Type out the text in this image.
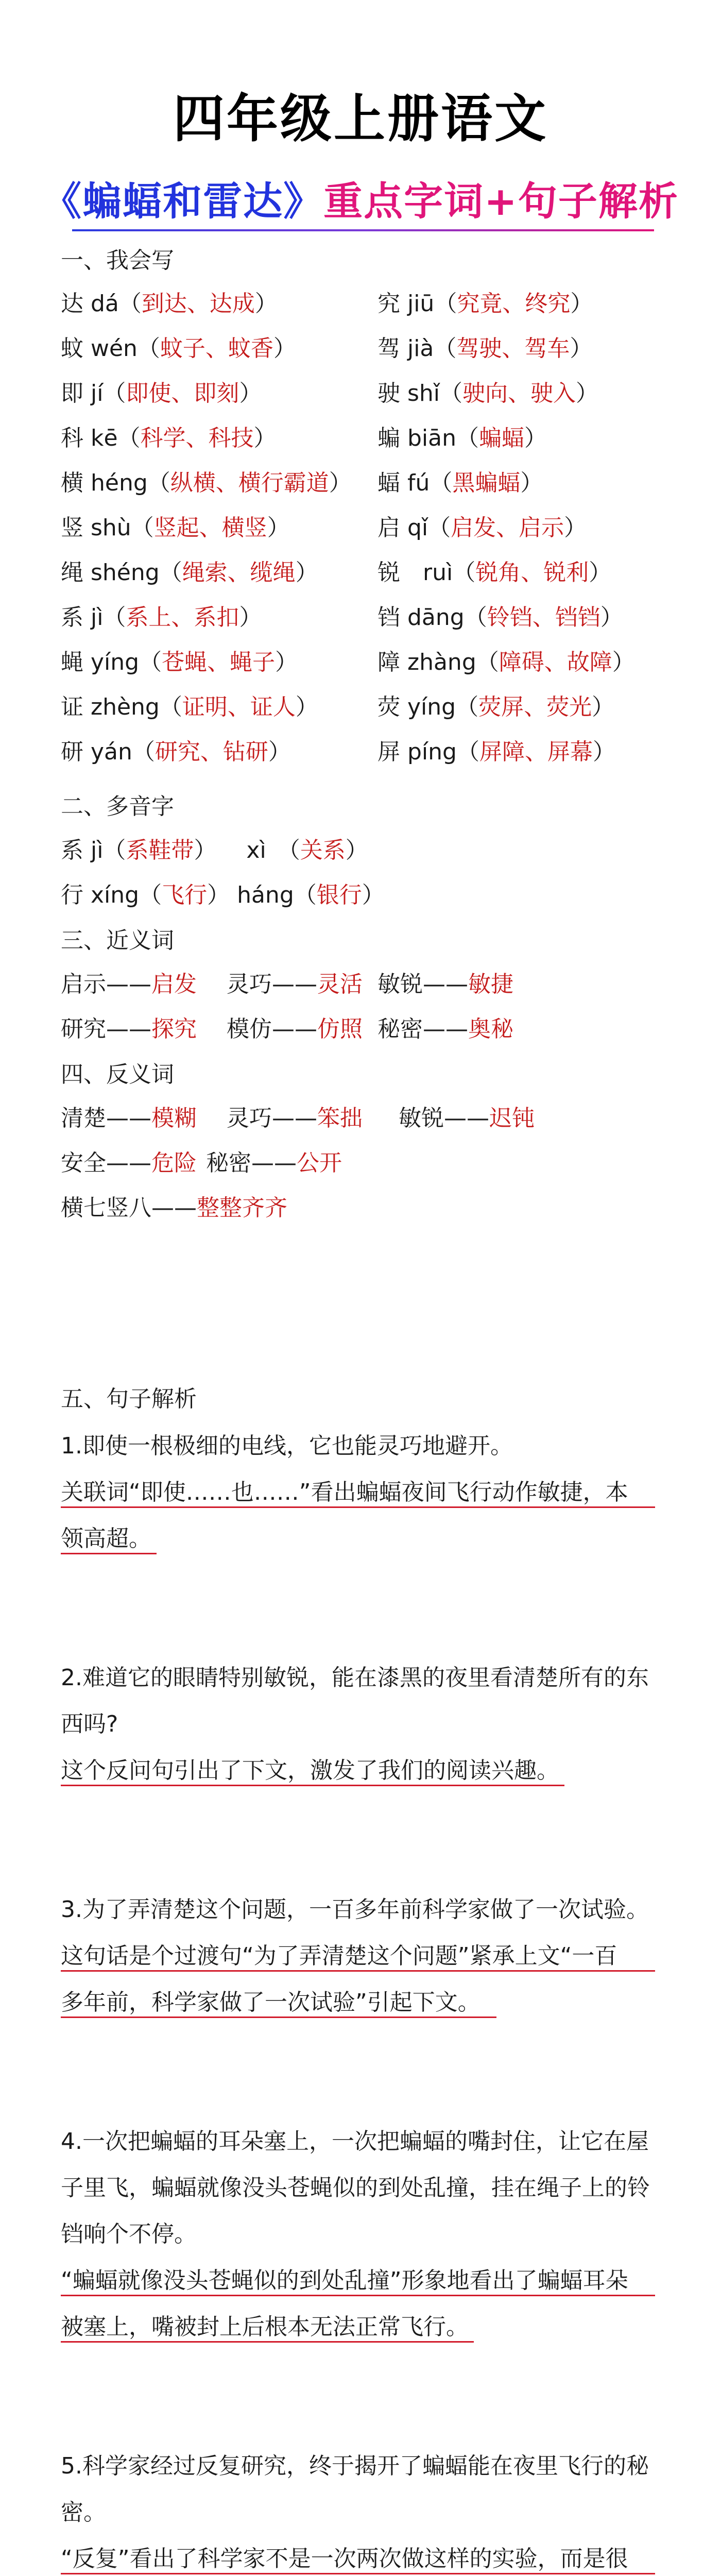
四年级上册语文
《蝙蝠和雷达》重点字词+句子解析
一、我会写
达 dá（到达、达成）	究 jiū（究竟、终究）
蚊 wén（蚊子、蚊香）	驾 jià（驾驶、驾车）
即 jí（即使、即刻）	驶 shǐ（驶向、驶入）
科 kē（科学、科技）	蝙 biān（蝙蝠）
横 héng（纵横、横行霸道） 蝠 fú（黑蝙蝠）
竖 shù（竖起、横竖）	启 qǐ（启发、启示）
绳 shéng（绳索、缆绳）	锐　ruì（锐角、锐利）
系 jì（系上、系扣）	铛 dāng（铃铛、铛铛）
蝇 yíng（苍蝇、蝇子）	障 zhàng（障碍、故障）
证 zhèng（证明、证人）	荧 yíng（荧屏、荧光）
研 yán（研究、钻研）	屏 píng（屏障、屏幕）
二、多音字
系 jì（系鞋带） 　xì　（关系）
行 xíng（飞行） háng（银行）
三、近义词
启示——启发 灵巧——灵活 敏锐——敏捷
研究——探究 模仿——仿照 秘密——奥秘
四、反义词
清楚——模糊 灵巧——笨拙 敏锐——迟钝
安全——危险 秘密——公开
横七竖八——整整齐齐
五、句子解析
1.即使一根极细的电线，它也能灵巧地避开。
关联词“即使……也……”看出蝙蝠夜间飞行动作敏捷，本
领高超。
2.难道它的眼睛特别敏锐，能在漆黑的夜里看清楚所有的东
西吗?
这个反问句引出了下文，激发了我们的阅读兴趣。
3.为了弄清楚这个问题，一百多年前科学家做了一次试验。
这句话是个过渡句“为了弄清楚这个问题”紧承上文“一百
多年前，科学家做了一次试验”引起下文。
4.一次把蝙蝠的耳朵塞上，一次把蝙蝠的嘴封住，让它在屋
子里飞，蝙蝠就像没头苍蝇似的到处乱撞，挂在绳子上的铃
铛响个不停。
“蝙蝠就像没头苍蝇似的到处乱撞”形象地看出了蝙蝠耳朵
被塞上，嘴被封上后根本无法正常飞行。
5.科学家经过反复研究，终于揭开了蝙蝠能在夜里飞行的秘
密。
“反复”看出了科学家不是一次两次做这样的实验，而是很
